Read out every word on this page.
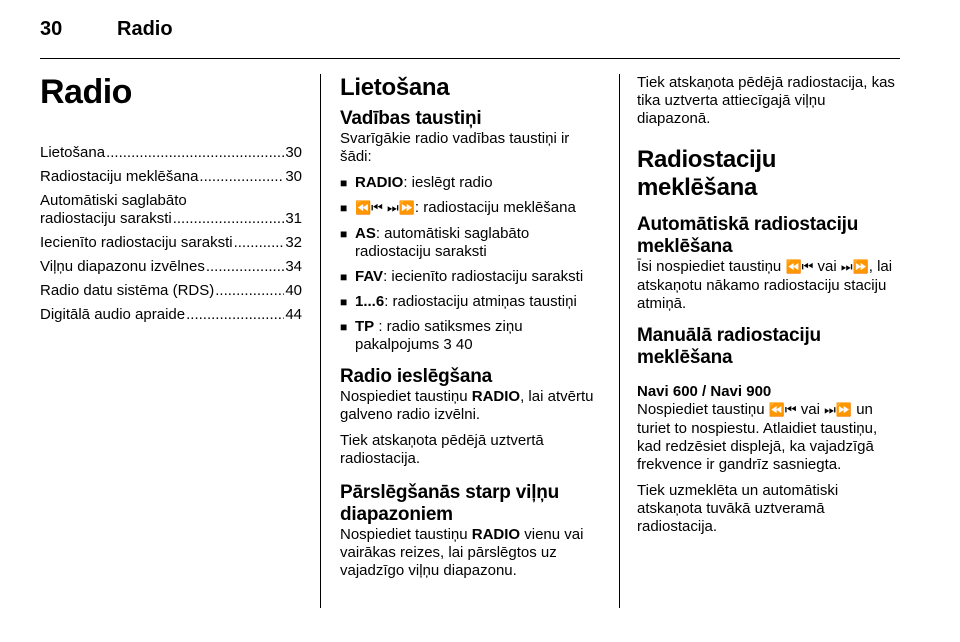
30	Radio
Radio
Lietošana .....	30
Radiostaciju meklēšana .....	30
Automātiski saglabāto
radiostaciju saraksti .....	31
Iecienīto radiostaciju saraksti .....	32
Viļņu diapazonu izvēlnes .....	34
Radio datu sistēma (RDS) .....	40
Digitālā audio apraide .....	44
Lietošana
Vadības taustiņi

Svarīgākie radio vadības taustiņi ir šādi:

■ RADIO: ieslēgt radio
■ ⏪⏮ ⏭⏩: radiostaciju meklēšana
■ AS: automātiski saglabāto radiostaciju saraksti
■ FAV: iecienīto radiostaciju saraksti
■ 1...6: radiostaciju atmiņas taustiņi
■ TP : radio satiksmes ziņu pakalpojums 3 40
Radio ieslēgšana

Nospiediet taustiņu RADIO, lai atvērtu galveno radio izvēlni.

Tiek atskaņota pēdējā uztvertā radiostacija.

Pārslēgšanās starp viļņu diapazoniem

Nospiediet taustiņu RADIO vienu vai vairākas reizes, lai pārslēgtos uz vajadzīgo viļņu diapazonu.

Tiek atskaņota pēdējā radiostacija, kas tika uztverta attiecīgajā viļņu diapazonā.

Radiostaciju meklēšana
Automātiskā radiostaciju meklēšana

Īsi nospiediet taustiņu ⏪⏮ vai ⏭⏩, lai atskaņotu nākamo radiostaciju staciju atmiņā.

Manuālā radiostaciju meklēšana
Navi 600 / Navi 900

Nospiediet taustiņu ⏪⏮ vai ⏭⏩ un turiet to nospiestu. Atlaidiet taustiņu, kad redzēsiet displejā, ka vajadzīgā frekvence ir gandrīz sasniegta.

Tiek uzmeklēta un automātiski atskaņota tuvākā uztveramā radiostacija.
